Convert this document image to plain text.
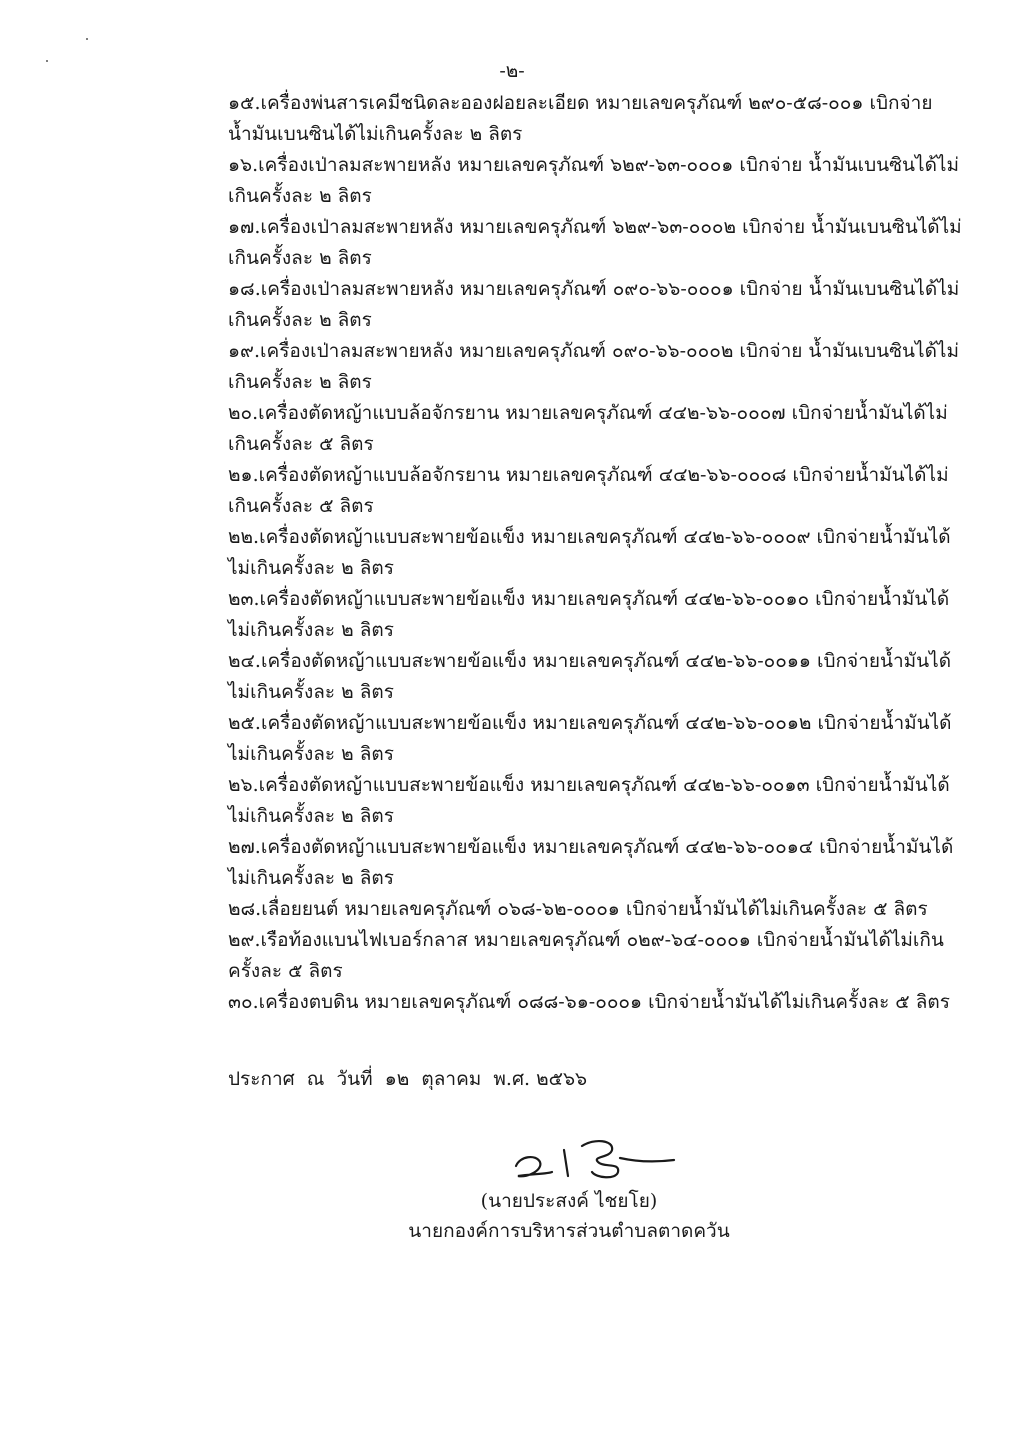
-๒-
๑๕.เครื่องพ่นสารเคมีชนิดละอองฝอยละเอียด หมายเลขครุภัณฑ์ ๒๙๐-๕๘-๐๐๑ เบิกจ่ายน้ำมันเบนซินได้ไม่เกินครั้งละ ๒ ลิตร
๑๖.เครื่องเป่าลมสะพายหลัง หมายเลขครุภัณฑ์ ๖๒๙-๖๓-๐๐๐๑ เบิกจ่าย น้ำมันเบนซินได้ไม่เกินครั้งละ ๒ ลิตร
๑๗.เครื่องเป่าลมสะพายหลัง หมายเลขครุภัณฑ์ ๖๒๙-๖๓-๐๐๐๒ เบิกจ่าย น้ำมันเบนซินได้ไม่เกินครั้งละ ๒ ลิตร
๑๘.เครื่องเป่าลมสะพายหลัง หมายเลขครุภัณฑ์ ๐๙๐-๖๖-๐๐๐๑ เบิกจ่าย น้ำมันเบนซินได้ไม่เกินครั้งละ ๒ ลิตร
๑๙.เครื่องเป่าลมสะพายหลัง หมายเลขครุภัณฑ์ ๐๙๐-๖๖-๐๐๐๒ เบิกจ่าย น้ำมันเบนซินได้ไม่เกินครั้งละ ๒ ลิตร
๒๐.เครื่องตัดหญ้าแบบล้อจักรยาน หมายเลขครุภัณฑ์ ๔๔๒-๖๖-๐๐๐๗ เบิกจ่ายน้ำมันได้ไม่เกินครั้งละ ๕ ลิตร
๒๑.เครื่องตัดหญ้าแบบล้อจักรยาน หมายเลขครุภัณฑ์ ๔๔๒-๖๖-๐๐๐๘ เบิกจ่ายน้ำมันได้ไม่เกินครั้งละ ๕ ลิตร
๒๒.เครื่องตัดหญ้าแบบสะพายข้อแข็ง หมายเลขครุภัณฑ์ ๔๔๒-๖๖-๐๐๐๙ เบิกจ่ายน้ำมันได้ไม่เกินครั้งละ ๒ ลิตร
๒๓.เครื่องตัดหญ้าแบบสะพายข้อแข็ง หมายเลขครุภัณฑ์ ๔๔๒-๖๖-๐๐๑๐ เบิกจ่ายน้ำมันได้ไม่เกินครั้งละ ๒ ลิตร
๒๔.เครื่องตัดหญ้าแบบสะพายข้อแข็ง หมายเลขครุภัณฑ์ ๔๔๒-๖๖-๐๐๑๑ เบิกจ่ายน้ำมันได้ไม่เกินครั้งละ ๒ ลิตร
๒๕.เครื่องตัดหญ้าแบบสะพายข้อแข็ง หมายเลขครุภัณฑ์ ๔๔๒-๖๖-๐๐๑๒ เบิกจ่ายน้ำมันได้ไม่เกินครั้งละ ๒ ลิตร
๒๖.เครื่องตัดหญ้าแบบสะพายข้อแข็ง หมายเลขครุภัณฑ์ ๔๔๒-๖๖-๐๐๑๓ เบิกจ่ายน้ำมันได้ไม่เกินครั้งละ ๒ ลิตร
๒๗.เครื่องตัดหญ้าแบบสะพายข้อแข็ง หมายเลขครุภัณฑ์ ๔๔๒-๖๖-๐๐๑๔ เบิกจ่ายน้ำมันได้ไม่เกินครั้งละ ๒ ลิตร
๒๘.เลื่อยยนต์ หมายเลขครุภัณฑ์ ๐๖๘-๖๒-๐๐๐๑ เบิกจ่ายน้ำมันได้ไม่เกินครั้งละ ๕ ลิตร
๒๙.เรือท้องแบนไฟเบอร์กลาส หมายเลขครุภัณฑ์ ๐๒๙-๖๔-๐๐๐๑ เบิกจ่ายน้ำมันได้ไม่เกินครั้งละ ๕ ลิตร
๓๐.เครื่องตบดิน หมายเลขครุภัณฑ์ ๐๘๘-๖๑-๐๐๐๑ เบิกจ่ายน้ำมันได้ไม่เกินครั้งละ ๕ ลิตร
ประกาศ  ณ  วันที่  ๑๒  ตุลาคม  พ.ศ. ๒๕๖๖
(นายประสงค์ ไชยโย)
นายกองค์การบริหารส่วนตำบลตาดควัน
